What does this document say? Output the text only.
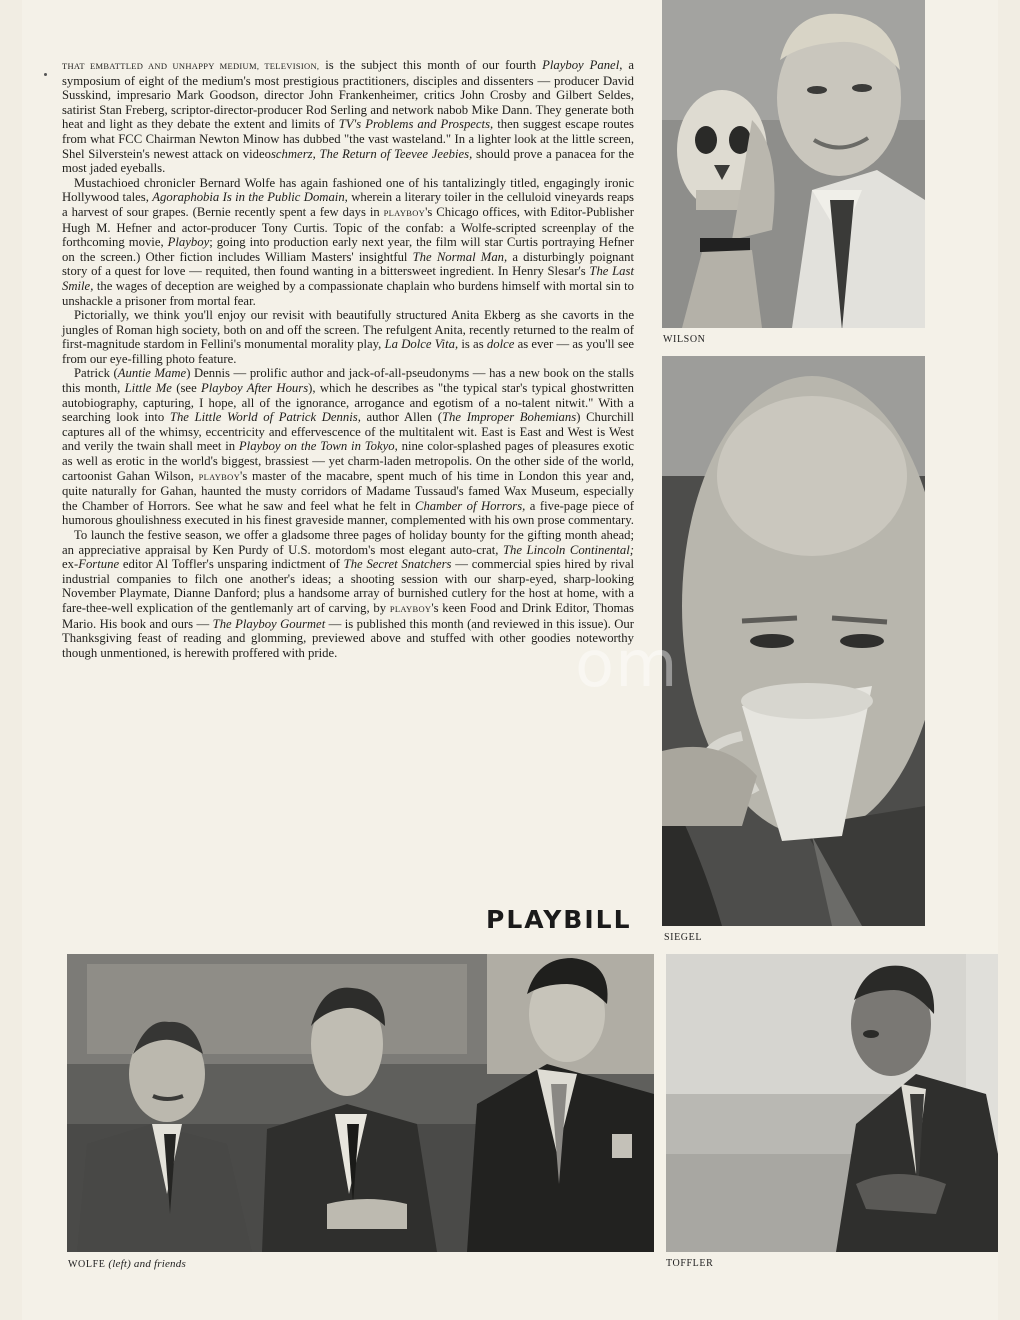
THAT EMBATTLED AND UNHAPPY MEDIUM, TELEVISION, is the subject this month of our fourth Playboy Panel, a symposium of eight of the medium's most prestigious practitioners, disciples and dissenters — producer David Susskind, impresario Mark Goodson, director John Frankenheimer, critics John Crosby and Gilbert Seldes, satirist Stan Freberg, scriptor-director-producer Rod Serling and network nabob Mike Dann. They generate both heat and light as they debate the extent and limits of TV's Problems and Prospects, then suggest escape routes from what FCC Chairman Newton Minow has dubbed "the vast wasteland." In a lighter look at the little screen, Shel Silverstein's newest attack on videoschmerz, The Return of Teevee Jeebies, should prove a panacea for the most jaded eyeballs.

Mustachioed chronicler Bernard Wolfe has again fashioned one of his tantalizingly titled, engagingly ironic Hollywood tales, Agoraphobia Is in the Public Domain, wherein a literary toiler in the celluloid vineyards reaps a harvest of sour grapes. (Bernie recently spent a few days in PLAYBOY's Chicago offices, with Editor-Publisher Hugh M. Hefner and actor-producer Tony Curtis. Topic of the confab: a Wolfe-scripted screenplay of the forthcoming movie, Playboy; going into production early next year, the film will star Curtis portraying Hefner on the screen.) Other fiction includes William Masters' insightful The Normal Man, a disturbingly poignant story of a quest for love — requited, then found wanting in a bittersweet ingredient. In Henry Slesar's The Last Smile, the wages of deception are weighed by a compassionate chaplain who burdens himself with mortal sin to unshackle a prisoner from mortal fear.

Pictorially, we think you'll enjoy our revisit with beautifully structured Anita Ekberg as she cavorts in the jungles of Roman high society, both on and off the screen. The refulgent Anita, recently returned to the realm of first-magnitude stardom in Fellini's monumental morality play, La Dolce Vita, is as dolce as ever — as you'll see from our eye-filling photo feature.

Patrick (Auntie Mame) Dennis — prolific author and jack-of-all-pseudonyms — has a new book on the stalls this month, Little Me (see Playboy After Hours), which he describes as "the typical star's typical ghostwritten autobiography, capturing, I hope, all of the ignorance, arrogance and egotism of a no-talent nitwit." With a searching look into The Little World of Patrick Dennis, author Allen (The Improper Bohemians) Churchill captures all of the whimsy, eccentricity and effervescence of the multitalent wit. East is East and West is West and verily the twain shall meet in Playboy on the Town in Tokyo, nine color-splashed pages of pleasures exotic as well as erotic in the world's biggest, brassiest — yet charm-laden metropolis. On the other side of the world, cartoonist Gahan Wilson, PLAYBOY's master of the macabre, spent much of his time in London this year and, quite naturally for Gahan, haunted the musty corridors of Madame Tussaud's famed Wax Museum, especially the Chamber of Horrors. See what he saw and feel what he felt in Chamber of Horrors, a five-page piece of humorous ghoulishness executed in his finest graveside manner, complemented with his own prose commentary.

To launch the festive season, we offer a gladsome three pages of holiday bounty for the gifting month ahead; an appreciative appraisal by Ken Purdy of U.S. motordom's most elegant auto-crat, The Lincoln Continental; ex-Fortune editor Al Toffler's unsparing indictment of The Secret Snatchers — commercial spies hired by rival industrial companies to filch one another's ideas; a shooting session with our sharp-eyed, sharp-looking November Playmate, Dianne Danford; plus a handsome array of burnished cutlery for the host at home, with a fare-thee-well explication of the gentlemanly art of carving, by PLAYBOY's keen Food and Drink Editor, Thomas Mario. His book and ours — The Playboy Gourmet — is published this month (and reviewed in this issue). Our Thanksgiving feast of reading and glomming, previewed above and stuffed with other goodies noteworthy though unmentioned, is herewith proffered with pride.

PLAYBILL
WILSON
SIEGEL
om
WOLFE (left) and friends	TOFFLER
